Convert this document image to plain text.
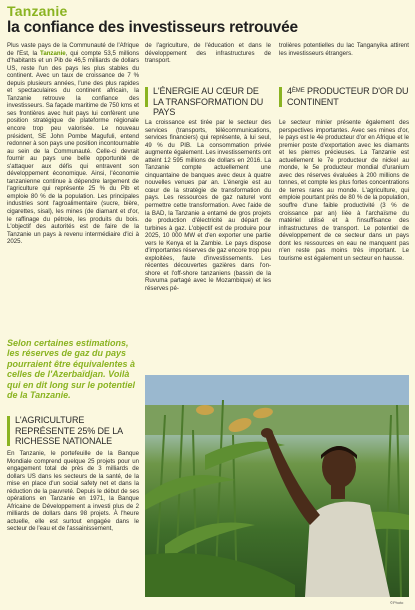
Tanzanie
la confiance des investisseurs retrouvée

Plus vaste pays de la Communauté de l'Afrique de l'Est, la Tanzanie, qui compte 53,5 millions d'habitants et un Pib de 46,5 milliards de dollars US, reste l'un des pays les plus stables du continent. Avec un taux de croissance de 7 % depuis plusieurs années, l'une des plus rapides et spectaculaires du continent africain, la Tanzanie retrouve la confiance des investisseurs. Sa façade maritime de 750 kms et ses frontières avec huit pays lui confèrent une position stratégique de plateforme régionale encore trop peu valorisée. Le nouveau président, SE John Pombe Magufuli, entend redonner à son pays une position incontournable au sein de la Communauté. Celle-ci devrait fournir au pays une belle opportunité de s'attaquer aux défis qui entravent son développement économique. Ainsi, l'économie tanzanienne continue à dépendre largement de l'agriculture qui représente 25 % du Pib et emploie 80 % de la population. Les principales industries sont l'agroalimentaire (sucre, bière, cigarettes, sisal), les mines (de diamant et d'or, le raffinage du pétrole, les produits du bois. L'objectif des autorités est de faire de la Tanzanie un pays à revenu intermédiaire d'ici à 2025.

Selon certaines estimations, les réserves de gaz du pays pourraient être équivalentes à celles de l'Azerbaïdjan. Voilà qui en dit long sur le potentiel de la Tanzanie.
L'AGRICULTURE REPRÉSENTE 25% DE LA RICHESSE NATIONALE

En Tanzanie, le portefeuille de la Banque Mondiale comprend quelque 25 projets pour un engagement total de près de 3 milliards de dollars US dans les secteurs de la santé, de la mise en place d'un social safety net et dans la réduction de la pauvreté. Depuis le début de ses opérations en Tanzanie en 1971, la Banque Africaine de Développement a investi plus de 2 milliards de dollars dans 98 projets. À l'heure actuelle, elle est surtout engagée dans le secteur de l'eau et de l'assainissement,

de l'agriculture, de l'éducation et dans le développement des infrastructures de transport.

L'ÉNERGIE AU CŒUR DE LA TRANSFORMATION DU PAYS

La croissance est tirée par le secteur des services (transports, télécommunications, services financiers) qui représente, à lui seul, 49 % du PIB. La consommation privée augmente également. Les investissements ont atteint 12 595 millions de dollars en 2016. La Tanzanie compte actuellement une cinquantaine de banques avec deux à quatre nouvelles venues par an. L'énergie est au cœur de la stratégie de transformation du pays. Les ressources de gaz naturel vont permettre cette transformation. Avec l'aide de la BAD, la Tanzanie a entamé de gros projets de production d'électricité au départ de turbines à gaz. L'objectif est de produire pour 2025, 10 000 MW et d'en exporter une partie vers le Kenya et la Zambie. Le pays dispose d'importantes réserves de gaz encore trop peu exploitées, faute d'investissements. Les récentes découvertes gazières dans l'on-shore et l'off-shore tanzaniens (bassin de la Ruvuma partagé avec le Mozambique) et les réserves pé-

trolières potentielles du lac Tanganyika attirent les investisseurs étrangers.

4ÈME PRODUCTEUR D'OR DU CONTINENT

Le secteur minier présente également des perspectives importantes. Avec ses mines d'or, le pays est le 4e producteur d'or en Afrique et le premier poste d'exportation avec les diamants et les pierres précieuses. La Tanzanie est actuellement le 7e producteur de nickel au monde, le 5e producteur mondial d'uranium avec des réserves évaluées à 200 millions de tonnes, et compte les plus fortes concentrations de terres rares au monde. L'agriculture, qui emploie pourtant près de 80 % de la population, souffre d'une faible productivité (3 % de croissance par an) liée à l'archaïsme du matériel utilisé et à l'insuffisance des infrastructures de transport. Le potentiel de développement de ce secteur dans un pays dont les ressources en eau ne manquent pas n'en reste pas moins très important. Le tourisme est également un secteur en hausse.

©Photo
